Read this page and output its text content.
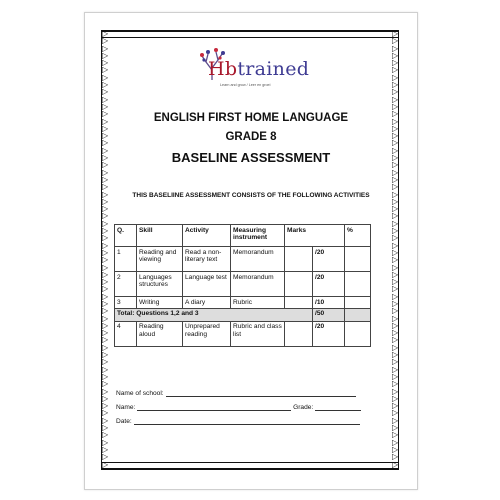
▷
▷
▷
▷
▷
▷
▷
▷
▷
▷
▷
▷
▷
▷
▷
▷
▷
▷
▷
▷
▷
▷
▷
▷
▷
▷
▷
▷
▷
▷
▷
▷
▷
▷
▷
▷
▷
▷
▷
▷
▷
▷
▷
▷
▷
▷
▷
▷
▷
▷
▷
▷
▷
▷
▷
▷
▷
▷
▷
▷

▷
▷
▷
▷
▷
▷
▷
▷
▷
▷
▷
▷
▷
▷
▷
▷
▷
▷
▷
▷
▷
▷
▷
▷
▷
▷
▷
▷
▷
▷
▷
▷
▷
▷
▷
▷
▷
▷
▷
▷
▷
▷
▷
▷
▷
▷
▷
▷
▷
▷
▷
▷
▷
▷
▷
▷
▷
▷
▷
▷

Hbtrained
Learn and grow / Leer en groei
ENGLISH FIRST HOME LANGUAGE
GRADE 8
BASELINE ASSESSMENT
THIS BASELIINE ASSESSMENT CONSISTS OF THE FOLLOWING ACTIVITIES
Q.	Skill	Activity	Measuring instrument	Marks		%
1	Reading and viewing	Read a non-literary text	Memorandum		/20	
2	Languages structures	Language test	Memorandum		/20	
3	Writing	A diary	Rubric		/10	
Total: Questions 1,2 and 3					/50	
4	Reading aloud	Unprepared reading	Rubric and class list		/20	
Name of school:
Name:	Grade:
Date:
